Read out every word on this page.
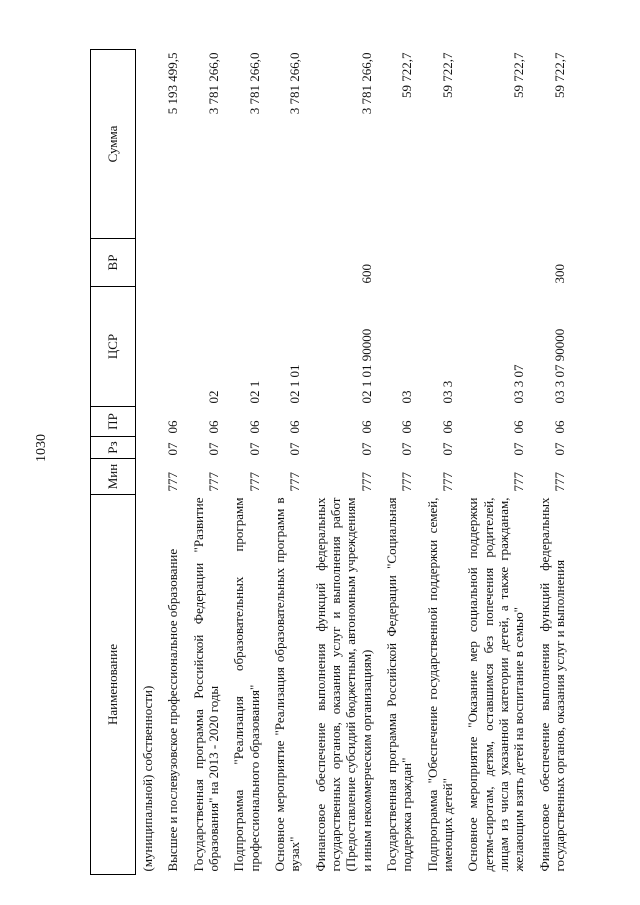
1030
Наименование	Мин	Рз	ПР	ЦСР	ВР	Сумма
(муниципальной) собственности)						
Высшее и послевузовское профессиональное образование	777	07	06			5 193 499,5
Государственная программа Российской Федерации "Развитие образования" на 2013 - 2020 годы	777	07	06	02		3 781 266,0
Подпрограмма "Реализация образовательных программ профессионального образования"	777	07	06	02 1		3 781 266,0
Основное мероприятие "Реализация образовательных программ в вузах"	777	07	06	02 1 01		3 781 266,0
Финансовое обеспечение выполнения функций федеральных государственных органов, оказания услуг и выполнения работ (Предоставление субсидий бюджетным, автономным учреждениям и иным некоммерческим организациям)	777	07	06	02 1 01 90000	600	3 781 266,0
Государственная программа Российской Федерации "Социальная поддержка граждан"	777	07	06	03		59 722,7
Подпрограмма "Обеспечение государственной поддержки семей, имеющих детей"	777	07	06	03 3		59 722,7
Основное мероприятие "Оказание мер социальной поддержки детям-сиротам, детям, оставшимся без попечения родителей, лицам из числа указанной категории детей, а также гражданам, желающим взять детей на воспитание в семью"	777	07	06	03 3 07		59 722,7
Финансовое обеспечение выполнения функций федеральных государственных органов, оказания услуг и выполнения	777	07	06	03 3 07 90000	300	59 722,7
